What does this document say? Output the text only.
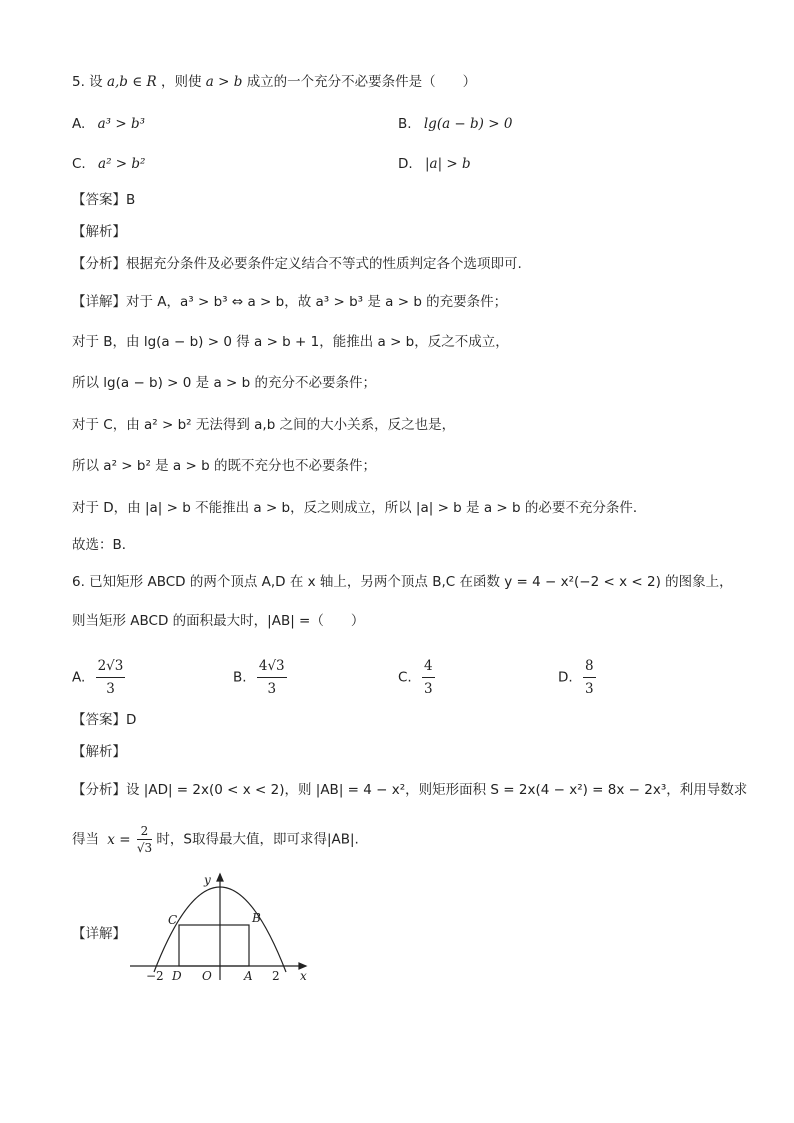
5. 设 a,b ∈ R ，则使 a > b 成立的一个充分不必要条件是（　　）
A. a³ > b³	B. lg(a − b) > 0
C. a² > b²	D. |a| > b
【答案】B
【解析】
【分析】根据充分条件及必要条件定义结合不等式的性质判定各个选项即可.
【详解】对于 A，a³ > b³ ⇔ a > b，故 a³ > b³ 是 a > b 的充要条件；
对于 B，由 lg(a − b) > 0 得 a > b + 1，能推出 a > b，反之不成立，
所以 lg(a − b) > 0 是 a > b 的充分不必要条件；
对于 C，由 a² > b² 无法得到 a,b 之间的大小关系，反之也是，
所以 a² > b² 是 a > b 的既不充分也不必要条件；
对于 D，由 |a| > b 不能推出 a > b，反之则成立，所以 |a| > b 是 a > b 的必要不充分条件．
故选：B．
6. 已知矩形 ABCD 的两个顶点 A,D 在 x 轴上，另两个顶点 B,C 在函数 y = 4 − x²(−2 < x < 2) 的图象上，
则当矩形 ABCD 的面积最大时，|AB| =（　　）
A. $\frac{2√3}{3}$	B. $\frac{4√3}{3}$	C. $\frac{4}{3}$	D. $\frac{8}{3}$
【答案】D
【解析】
【分析】设 |AD| = 2x(0 < x < 2)，则 |AB| = 4 − x²，则矩形面积 S = 2x(4 − x²) = 8x − 2x³，利用导数求
得当 $x = \frac{2}{√3}$ 时，S取得最大值，即可求得|AB|.
【详解】
y
x
C	B
D O	A
−2	2
